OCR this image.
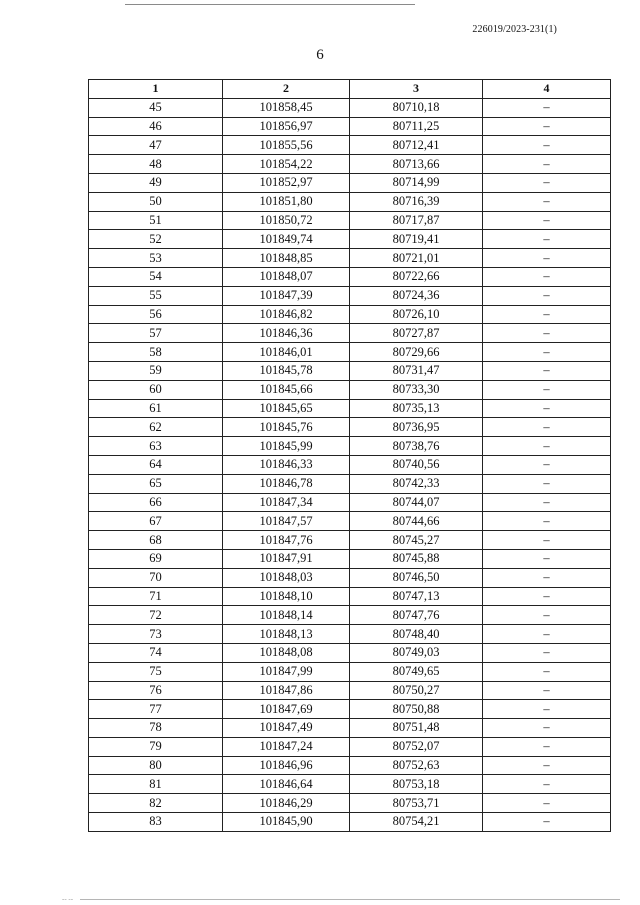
226019/2023-231(1)
6
1	2	3	4
45	101858,45	80710,18	–
46	101856,97	80711,25	–
47	101855,56	80712,41	–
48	101854,22	80713,66	–
49	101852,97	80714,99	–
50	101851,80	80716,39	–
51	101850,72	80717,87	–
52	101849,74	80719,41	–
53	101848,85	80721,01	–
54	101848,07	80722,66	–
55	101847,39	80724,36	–
56	101846,82	80726,10	–
57	101846,36	80727,87	–
58	101846,01	80729,66	–
59	101845,78	80731,47	–
60	101845,66	80733,30	–
61	101845,65	80735,13	–
62	101845,76	80736,95	–
63	101845,99	80738,76	–
64	101846,33	80740,56	–
65	101846,78	80742,33	–
66	101847,34	80744,07	–
67	101847,57	80744,66	–
68	101847,76	80745,27	–
69	101847,91	80745,88	–
70	101848,03	80746,50	–
71	101848,10	80747,13	–
72	101848,14	80747,76	–
73	101848,13	80748,40	–
74	101848,08	80749,03	–
75	101847,99	80749,65	–
76	101847,86	80750,27	–
77	101847,69	80750,88	–
78	101847,49	80751,48	–
79	101847,24	80752,07	–
80	101846,96	80752,63	–
81	101846,64	80753,18	–
82	101846,29	80753,71	–
83	101845,90	80754,21	–
-- --
